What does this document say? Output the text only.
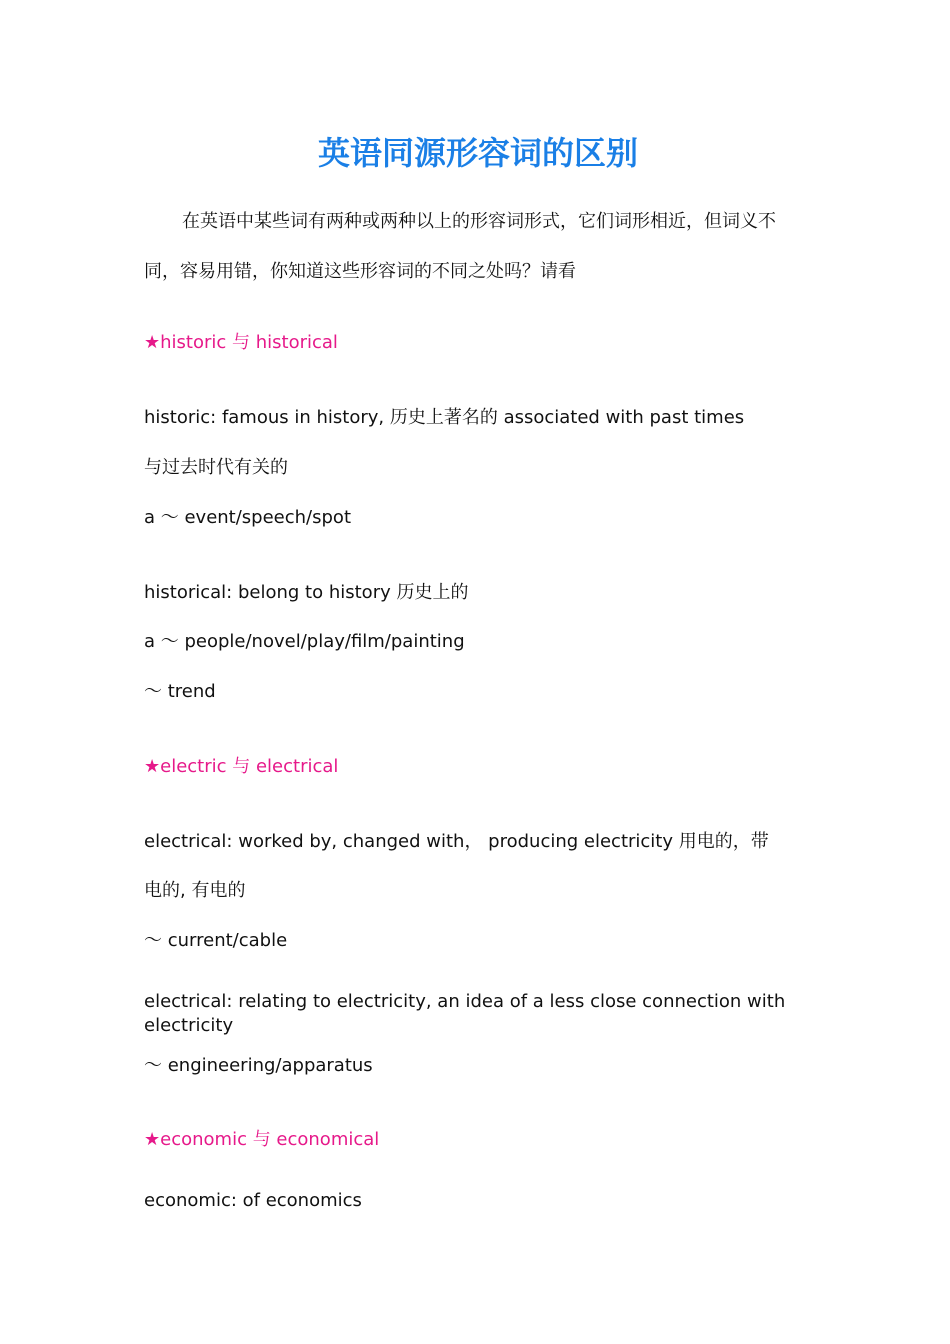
英语同源形容词的区别
在英语中某些词有两种或两种以上的形容词形式，它们词形相近，但词义不
同，容易用错，你知道这些形容词的不同之处吗？请看
★historic 与 historical
historic: famous in history, 历史上著名的 associated with past times
与过去时代有关的
a ～ event/speech/spot
historical: belong to history 历史上的
a ～ people/novel/play/film/painting
～ trend
★electric 与 electrical
electrical: worked by, changed with， producing electricity 用电的，带
电的, 有电的
～ current/cable
electrical: relating to electricity, an idea of a less close connection with electricity
～ engineering/apparatus
★economic 与 economical
economic: of economics
